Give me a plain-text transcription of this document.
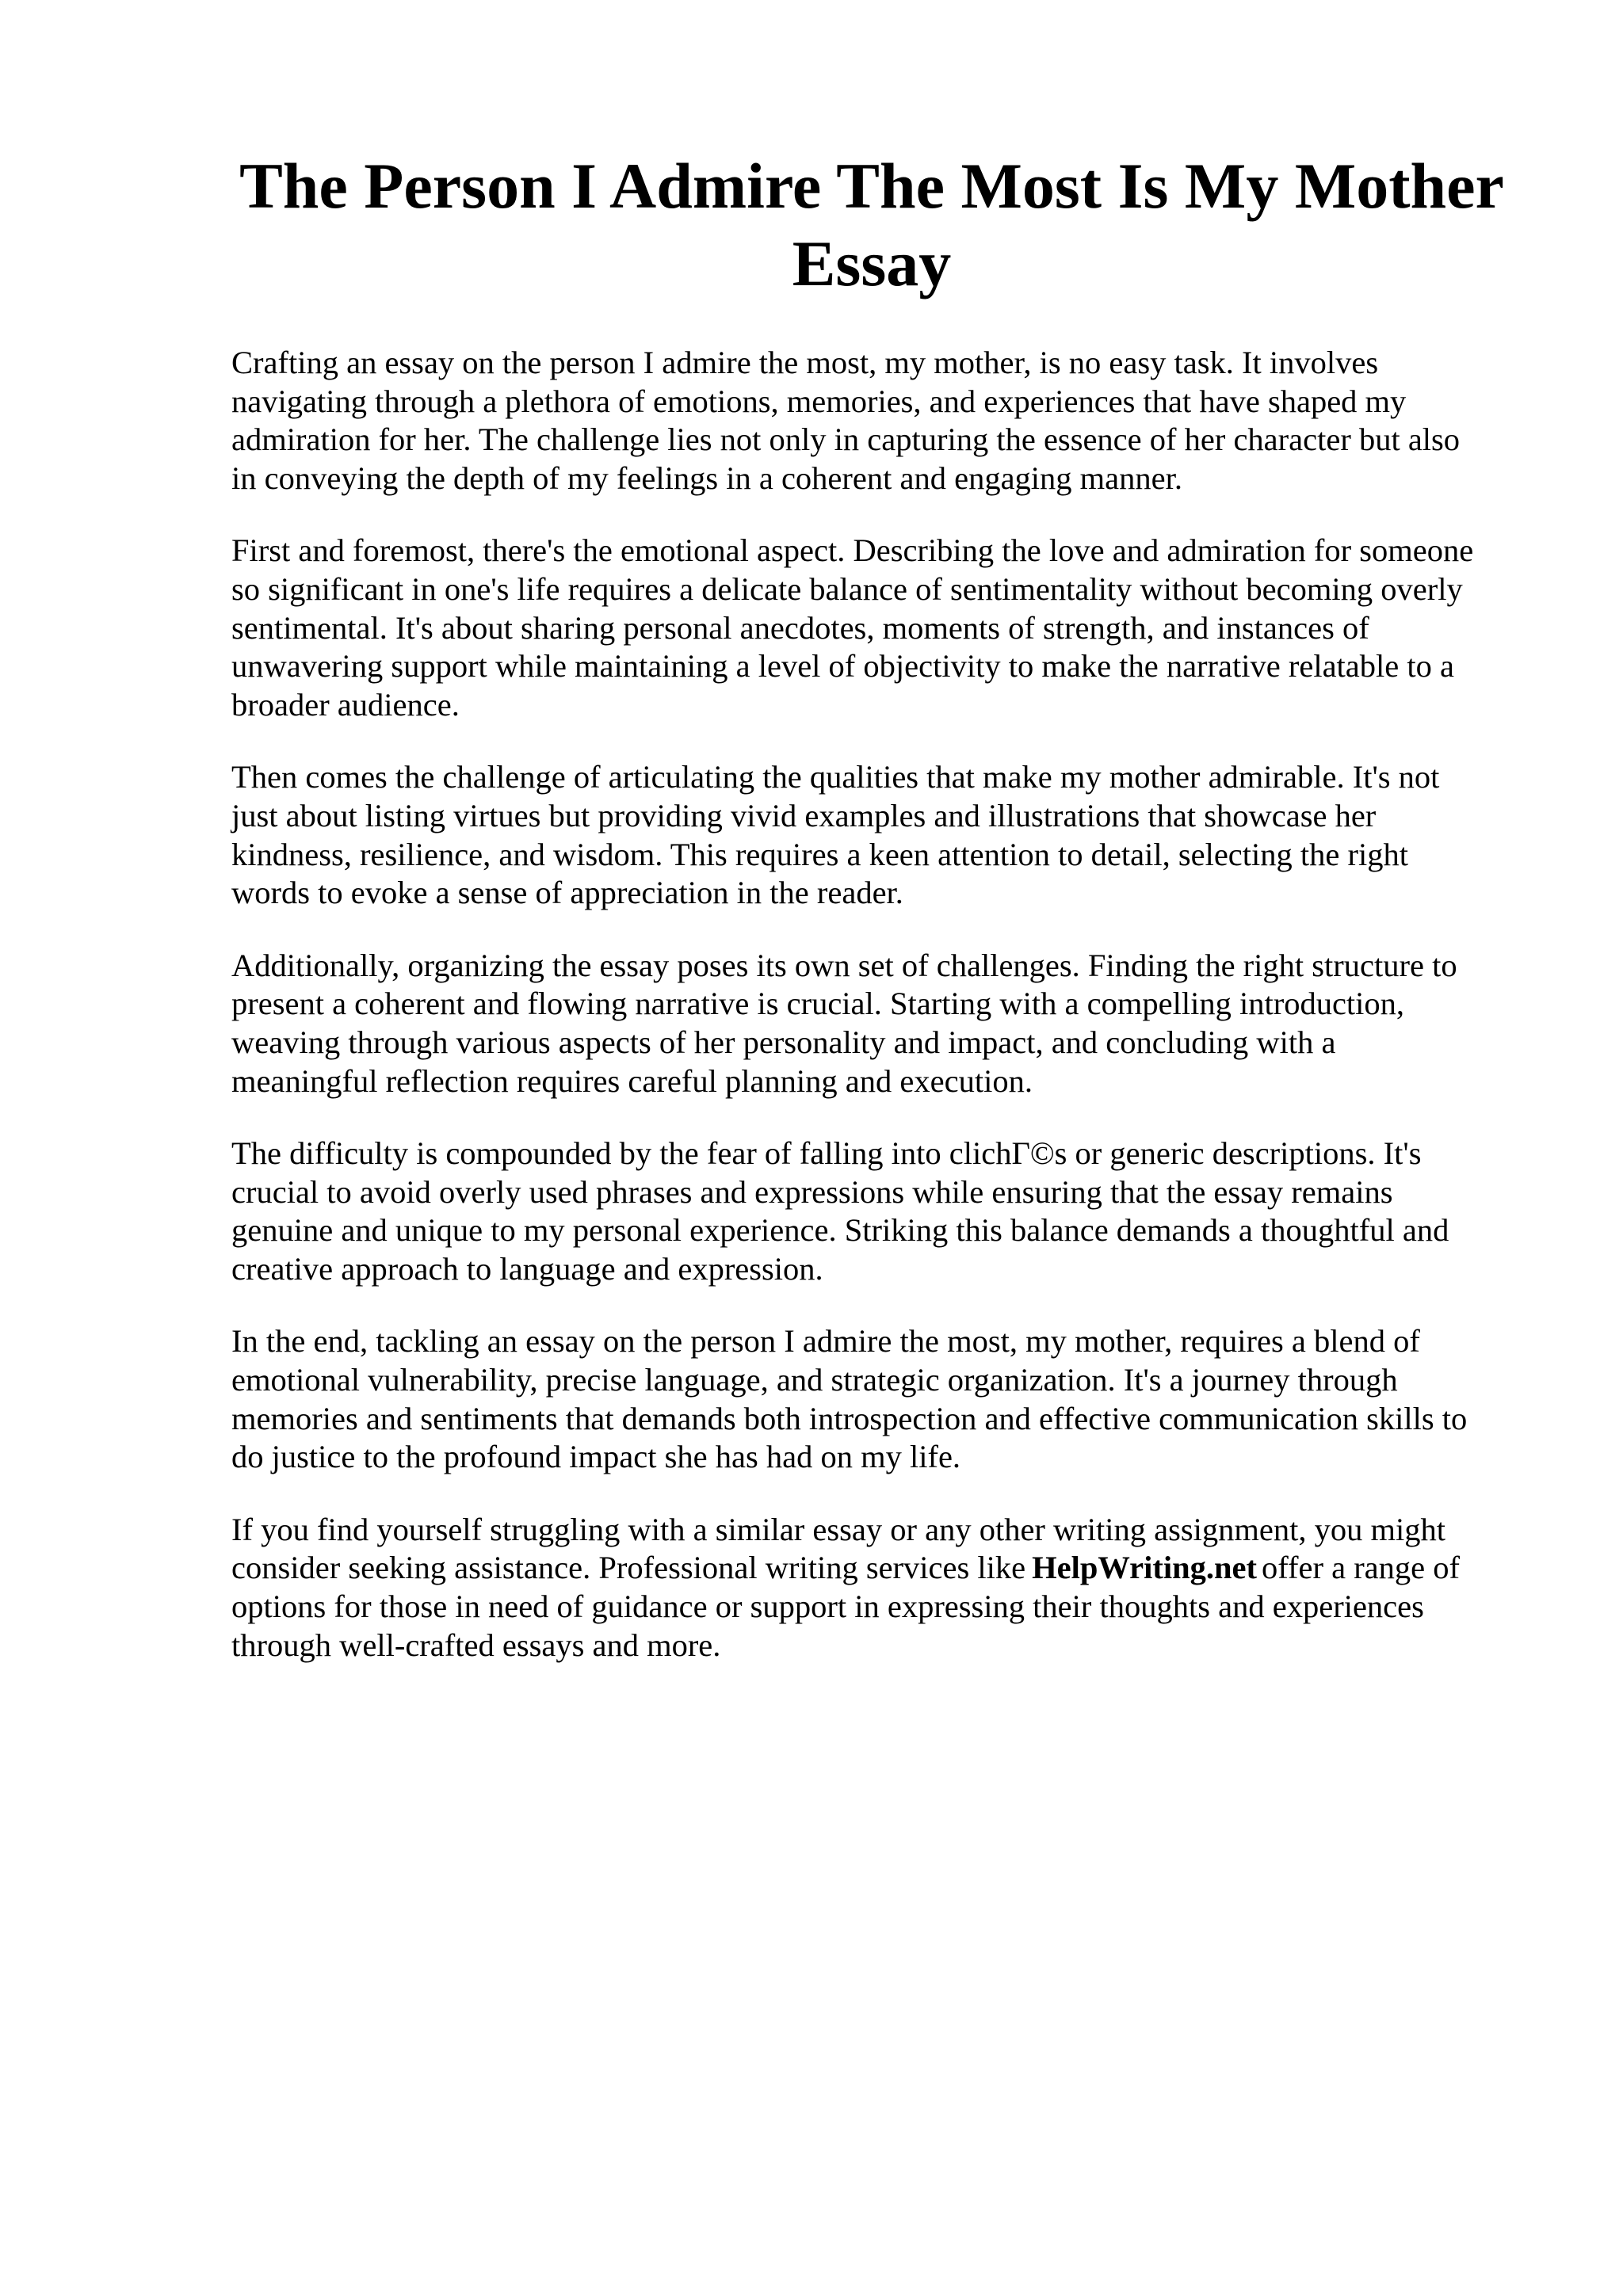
The Person I Admire The Most Is My Mother
Essay

Crafting an essay on the person I admire the most, my mother, is no easy task. It involves
navigating through a plethora of emotions, memories, and experiences that have shaped my
admiration for her. The challenge lies not only in capturing the essence of her character but also
in conveying the depth of my feelings in a coherent and engaging manner.

First and foremost, there's the emotional aspect. Describing the love and admiration for someone
so significant in one's life requires a delicate balance of sentimentality without becoming overly
sentimental. It's about sharing personal anecdotes, moments of strength, and instances of
unwavering support while maintaining a level of objectivity to make the narrative relatable to a
broader audience.

Then comes the challenge of articulating the qualities that make my mother admirable. It's not
just about listing virtues but providing vivid examples and illustrations that showcase her
kindness, resilience, and wisdom. This requires a keen attention to detail, selecting the right
words to evoke a sense of appreciation in the reader.

Additionally, organizing the essay poses its own set of challenges. Finding the right structure to
present a coherent and flowing narrative is crucial. Starting with a compelling introduction,
weaving through various aspects of her personality and impact, and concluding with a
meaningful reflection requires careful planning and execution.

The difficulty is compounded by the fear of falling into clichГ©s or generic descriptions. It's
crucial to avoid overly used phrases and expressions while ensuring that the essay remains
genuine and unique to my personal experience. Striking this balance demands a thoughtful and
creative approach to language and expression.

In the end, tackling an essay on the person I admire the most, my mother, requires a blend of
emotional vulnerability, precise language, and strategic organization. It's a journey through
memories and sentiments that demands both introspection and effective communication skills to
do justice to the profound impact she has had on my life.

If you find yourself struggling with a similar essay or any other writing assignment, you might
consider seeking assistance. Professional writing services like HelpWriting.net offer a range of
options for those in need of guidance or support in expressing their thoughts and experiences
through well-crafted essays and more.
